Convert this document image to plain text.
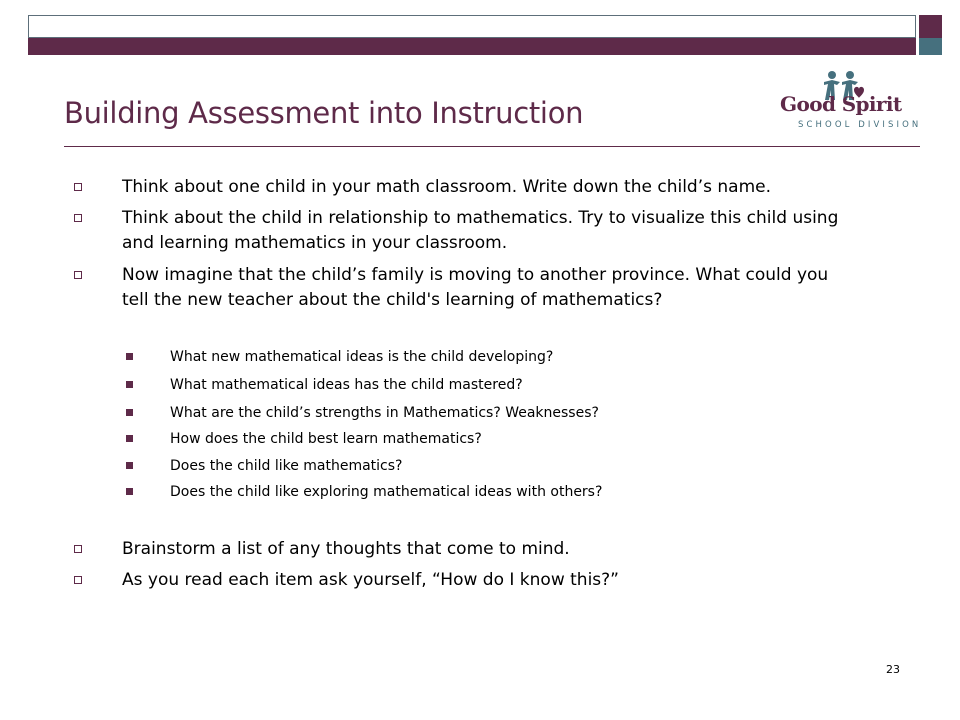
Building Assessment into Instruction	Good Spirit
SCHOOL DIVISION
Think about one child in your math classroom. Write down the child’s name.
Think about the child in relationship to mathematics. Try to visualize this child using and learning mathematics in your classroom.
Now imagine that the child’s family is moving to another province. What could you tell the new teacher about the child's learning of mathematics?
What new mathematical ideas is the child developing?
What mathematical ideas has the child mastered?
What are the child’s strengths in Mathematics? Weaknesses?
How does the child best learn mathematics?
Does the child like mathematics?
Does the child like exploring mathematical ideas with others?
Brainstorm a list of any thoughts that come to mind.
As you read each item ask yourself, “How do I know this?”
23
